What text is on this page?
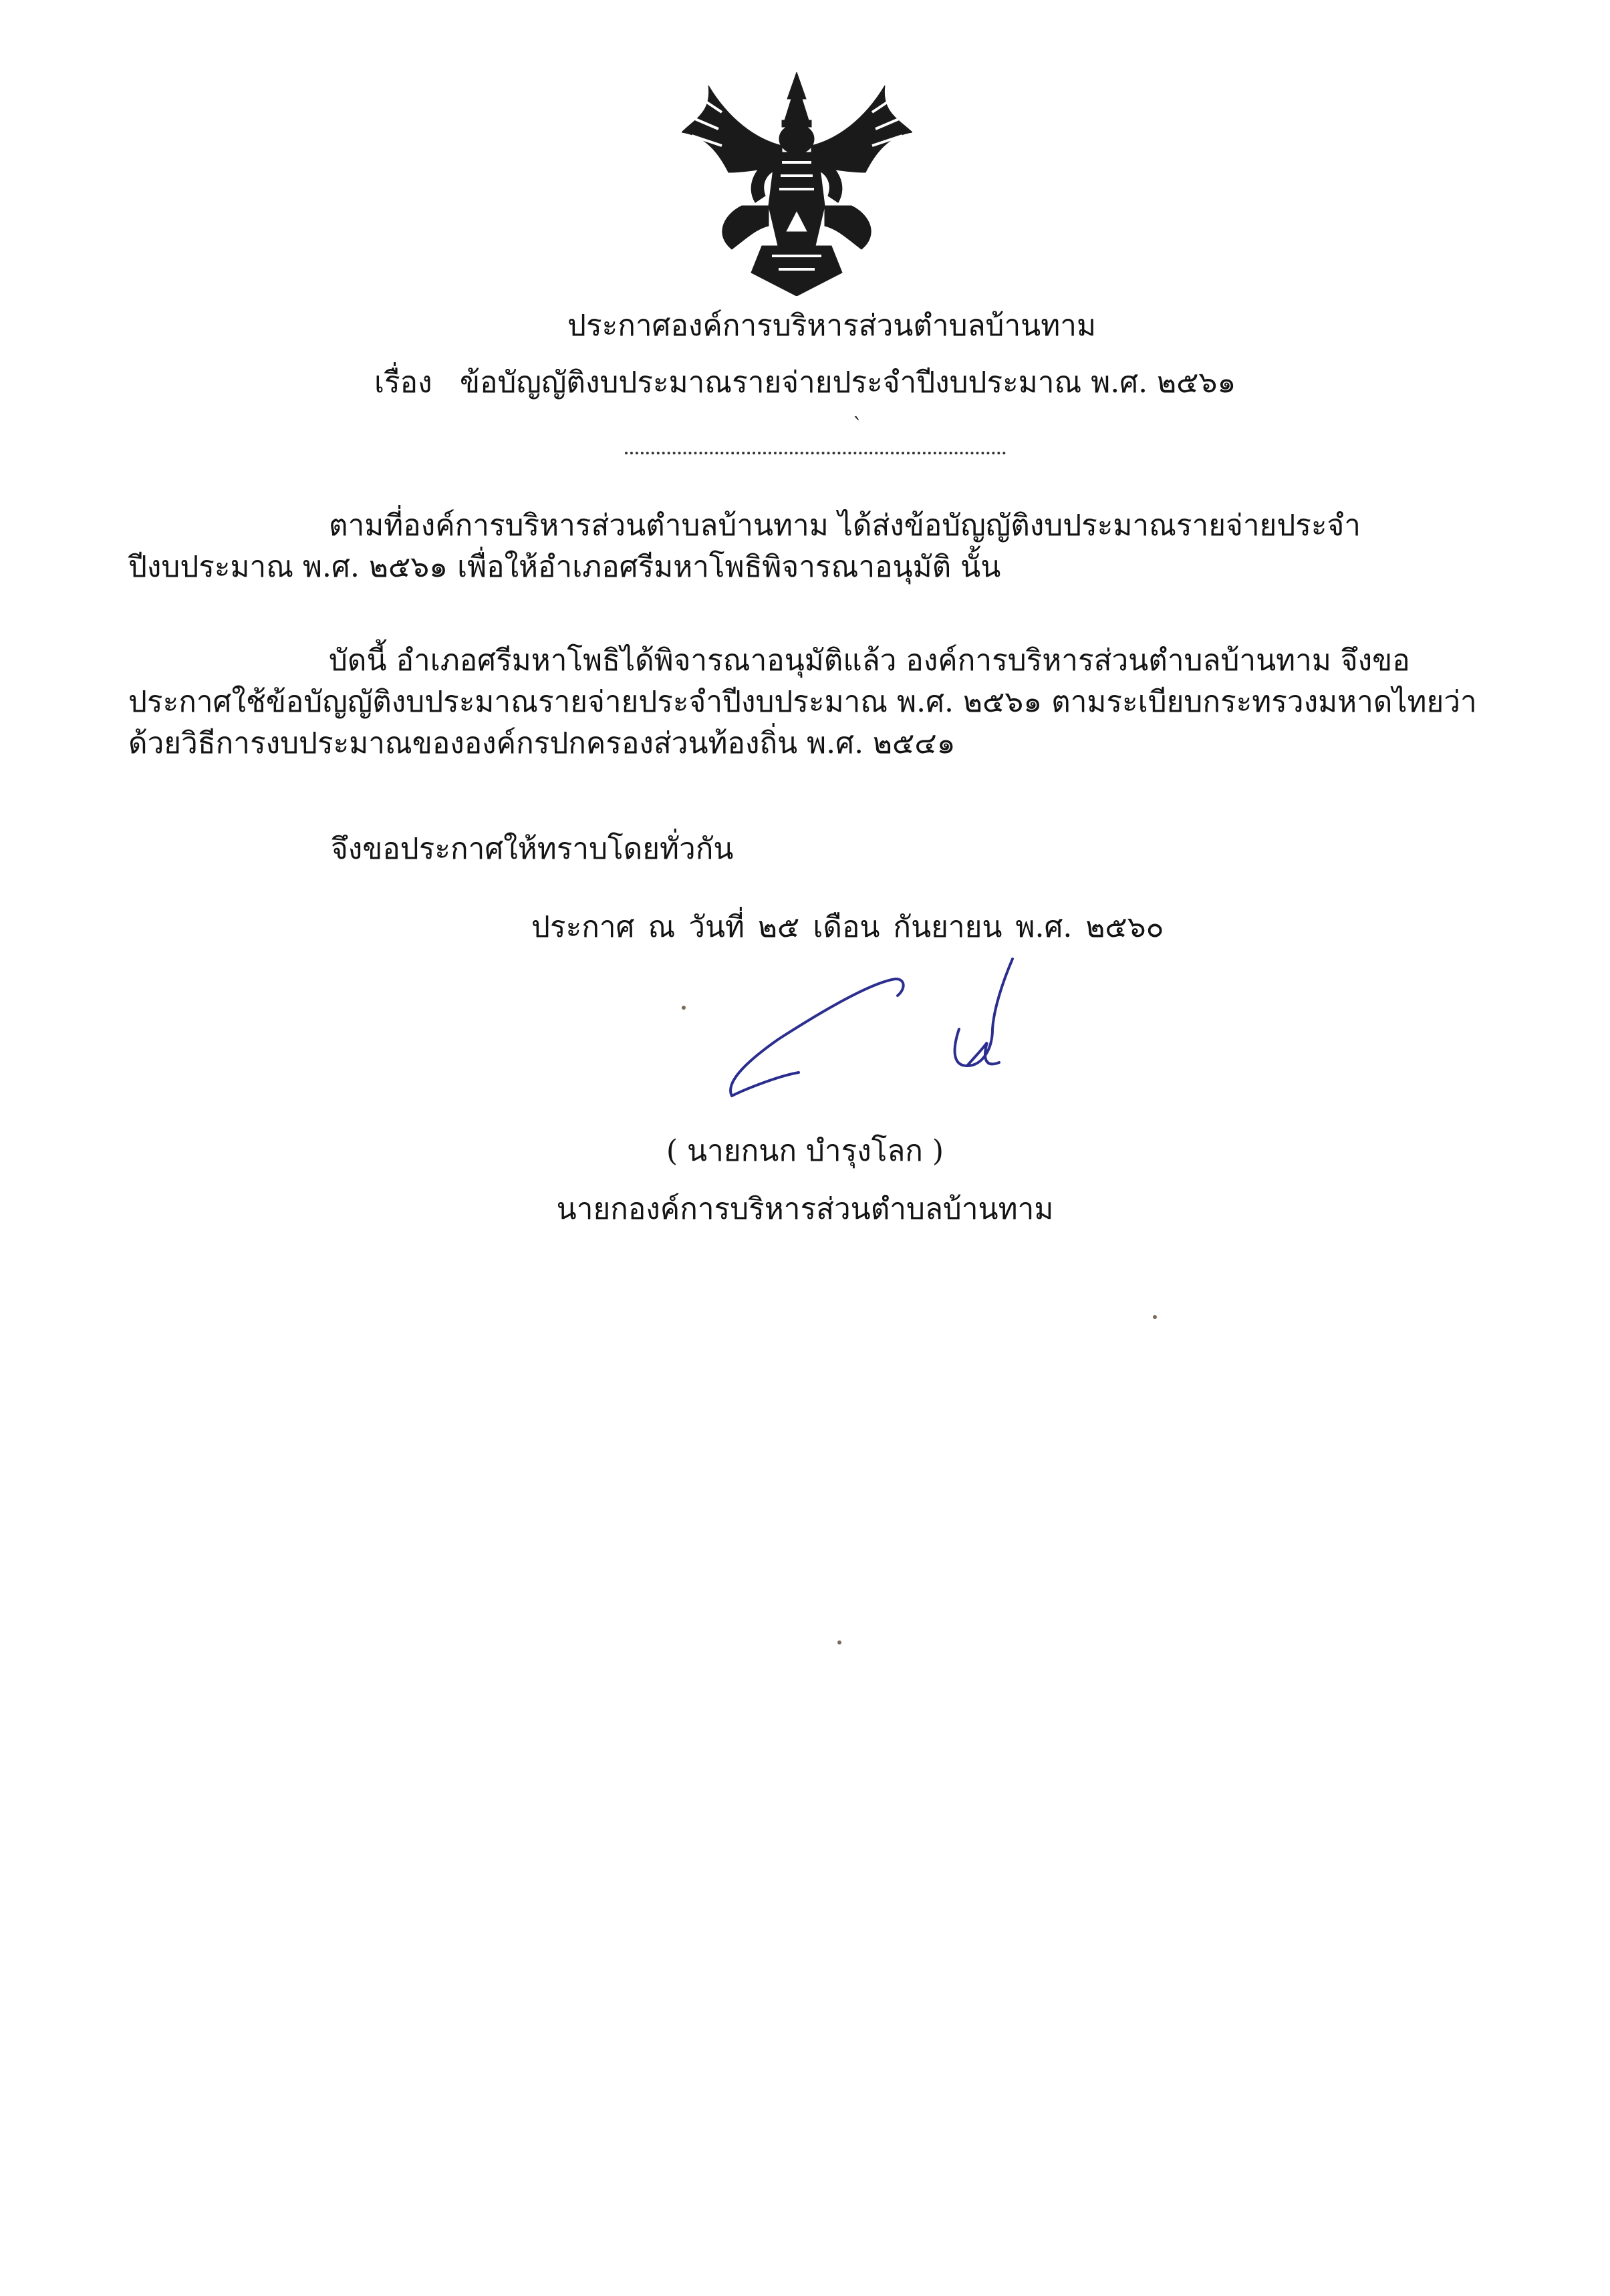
ประกาศองค์การบริหารส่วนตำบลบ้านทาม
เรื่อง ข้อบัญญัติงบประมาณรายจ่ายประจำปีงบประมาณ พ.ศ. ๒๕๖๑
`
ตามที่องค์การบริหารส่วนตำบลบ้านทาม ได้ส่งข้อบัญญัติงบประมาณรายจ่ายประจำปีงบประมาณ พ.ศ. ๒๕๖๑ เพื่อให้อำเภอศรีมหาโพธิพิจารณาอนุมัติ นั้น
บัดนี้ อำเภอศรีมหาโพธิได้พิจารณาอนุมัติแล้ว องค์การบริหารส่วนตำบลบ้านทาม จึงขอประกาศใช้ข้อบัญญัติงบประมาณรายจ่ายประจำปีงบประมาณ พ.ศ. ๒๕๖๑ ตามระเบียบกระทรวงมหาดไทยว่าด้วยวิธีการงบประมาณขององค์กรปกครองส่วนท้องถิ่น พ.ศ. ๒๕๔๑
จึงขอประกาศให้ทราบโดยทั่วกัน
ประกาศ ณ วันที่ ๒๕ เดือน กันยายน พ.ศ. ๒๕๖๐
( นายกนก บำรุงโลก )
นายกองค์การบริหารส่วนตำบลบ้านทาม
